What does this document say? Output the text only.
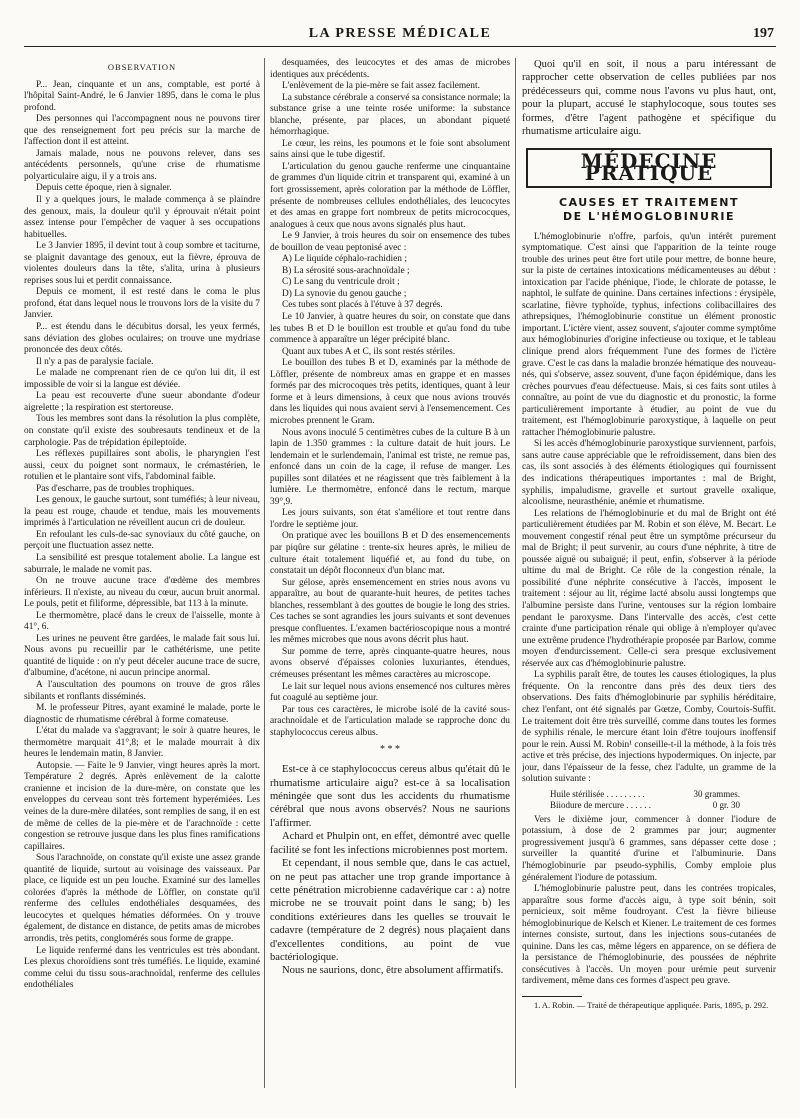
LA PRESSE MÉDICALE	197
OBSERVATION

P... Jean, cinquante et un ans, comptable, est porté à l'hôpital Saint-André, le 6 Janvier 1895, dans le coma le plus profond.

Des personnes qui l'accompagnent nous ne pouvons tirer que des renseignement fort peu précis sur la marche de l'affection dont il est atteint.

Jamais malade, nous ne pouvons relever, dans ses antécédents personnels, qu'une crise de rhumatisme polyarticulaire aigu, il y a trois ans.

Depuis cette époque, rien à signaler.

Il y a quelques jours, le malade commença à se plaindre des genoux, mais, la douleur qu'il y éprouvait n'était point assez intense pour l'empêcher de vaquer à ses occupations habituelles.

Le 3 Janvier 1895, il devint tout à coup sombre et taciturne, se plaignit davantage des genoux, eut la fièvre, éprouva de violentes douleurs dans la tête, s'alita, urina à plusieurs reprises sous lui et perdit connaissance.

Depuis ce moment, il est resté dans le coma le plus profond, état dans lequel nous le trouvons lors de la visite du 7 Janvier.

P... est étendu dans le décubitus dorsal, les yeux fermés, sans déviation des globes oculaires; on trouve une mydriase prononcée des deux côtés.

Il n'y a pas de paralysie faciale.

Le malade ne comprenant rien de ce qu'on lui dit, il est impossible de voir si la langue est déviée.

La peau est recouverte d'une sueur abondante d'odeur aigrelette ; la respiration est stertoreuse.

Tous les membres sont dans la résolution la plus complète, on constate qu'il existe des soubresauts tendineux et de la carphologie. Pas de trépidation épileptoïde.

Les réflexes pupillaires sont abolis, le pharyngien l'est aussi, ceux du poignet sont normaux, le crémastérien, le rotulien et le plantaire sont vifs, l'abdominal faible.

Pas d'escharre, pas de troubles trophiques.

Les genoux, le gauche surtout, sont tuméfiés; à leur niveau, la peau est rouge, chaude et tendue, mais les mouvements imprimés à l'articulation ne réveillent aucun cri de douleur.

En refoulant les culs-de-sac synoviaux du côté gauche, on perçoit une fluctuation assez nette.

La sensibilité est presque totalement abolie. La langue est saburrale, le malade ne vomit pas.

On ne trouve aucune trace d'œdème des membres inférieurs. Il n'existe, au niveau du cœur, aucun bruit anormal. Le pouls, petit et filiforme, dépressible, bat 113 à la minute.

Le thermomètre, placé dans le creux de l'aisselle, monte à 41°, 6.

Les urines ne peuvent être gardées, le malade fait sous lui. Nous avons pu recueillir par le cathétérisme, une petite quantité de liquide : on n'y peut déceler aucune trace de sucre, d'albumine, d'acétone, ni aucun principe anormal.

A l'auscultation des poumons on trouve de gros râles sibilants et ronflants disséminés.

M. le professeur Pitres, ayant examiné le malade, porte le diagnostic de rhumatisme cérébral à forme comateuse.

L'état du malade va s'aggravant; le soir à quatre heures, le thermomètre marquait 41°,8; et le malade mourrait à dix heures le lendemain matin, 8 Janvier.

Autopsie. — Faite le 9 Janvier, vingt heures après la mort. Température 2 degrés. Après enlèvement de la calotte cranienne et incision de la dure-mère, on constate que les enveloppes du cerveau sont très fortement hyperémiées. Les veines de la dure-mère dilatées, sont remplies de sang, il en est de même de celles de la pie-mère et de l'arachnoïde : cette congestion se retrouve jusque dans les plus fines ramifications capillaires.

Sous l'arachnoïde, on constate qu'il existe une assez grande quantité de liquide, surtout au voisinage des vaisseaux. Par place, ce liquide est un peu louche. Examiné sur des lamelles colorées d'après la méthode de Löffler, on constate qu'il renferme des cellules endothéliales desquamées, des leucocytes et quelques hématies déformées. On y trouve également, de distance en distance, de petits amas de microbes arrondis, très petits, conglomérés sous forme de grappe.

Le liquide renfermé dans les ventricules est très abondant. Les plexus choroïdiens sont très tuméfiés. Le liquide, examiné comme celui du tissu sous-arachnoïdal, renferme des cellules endothéliales

desquamées, des leucocytes et des amas de microbes identiques aux précédents.

L'enlèvement de la pie-mère se fait assez facilement.

La substance cérébrale a conservé sa consistance normale; la substance grise a une teinte rosée uniforme: la substance blanche, présente, par places, un abondant piqueté hémorrhagique.

Le cœur, les reins, les poumons et le foie sont absolument sains ainsi que le tube digestif.

L'articulation du genou gauche renferme une cinquantaine de grammes d'un liquide citrin et transparent qui, examiné à un fort grossissement, après coloration par la méthode de Löffler, présente de nombreuses cellules endothéliales, des leucocytes et des amas en grappe fort nombreux de petits micrococques, analogues à ceux que nous avons signalés plus haut.

Le 9 Janvier, à trois heures du soir on ensemence des tubes de bouillon de veau peptonisé avec :

A) Le liquide céphalo-rachidien ;

B) La sérosité sous-arachnoïdale ;

C) Le sang du ventricule droit ;

D) La synovie du genou gauche ;

Ces tubes sont placés à l'étuve à 37 degrés.

Le 10 Janvier, à quatre heures du soir, on constate que dans les tubes B et D le bouillon est trouble et qu'au fond du tube commence à apparaître un léger précipité blanc.

Quant aux tubes A et C, ils sont restés stériles.

Le bouillon des tubes B et D, examinés par la méthode de Löffler, présente de nombreux amas en grappe et en masses formés par des microcoques très petits, identiques, quant à leur forme et à leurs dimensions, à ceux que nous avions trouvés dans les liquides qui nous avaient servi à l'ensemencement. Ces microbes prennent le Gram.

Nous avons inoculé 5 centimètres cubes de la culture B à un lapin de 1.350 grammes : la culture datait de huit jours. Le lendemain et le surlendemain, l'animal est triste, ne remue pas, enfoncé dans un coin de la cage, il refuse de manger. Les pupilles sont dilatées et ne réagissent que très faiblement à la lumière. Le thermomètre, enfoncé dans le rectum, marque 39°,9.

Les jours suivants, son état s'améliore et tout rentre dans l'ordre le septième jour.

On pratique avec les bouillons B et D des ensemencements par piqûre sur gélatine : trente-six heures après, le milieu de culture était totalement liquéfié et, au fond du tube, on constatait un dépôt floconneux d'un blanc mat.

Sur gélose, après ensemencement en stries nous avons vu apparaître, au bout de quarante-huit heures, de petites taches blanches, ressemblant à des gouttes de bougie le long des stries. Ces taches se sont agrandies les jours suivants et sont devenues presque confluentes. L'examen bactérioscopique nous a montré les mêmes microbes que nous avons décrit plus haut.

Sur pomme de terre, après cinquante-quatre heures, nous avons observé d'épaisses colonies luxuriantes, étendues, crémeuses présentant les mêmes caractères au microscope.

Le lait sur lequel nous avions ensemencé nos cultures mères fut coagulé au septième jour.

Par tous ces caractères, le microbe isolé de la cavité sous-arachnoïdale et de l'articulation malade se rapproche donc du staphylococcus cereus albus.

* * *

Est-ce à ce staphylococcus cereus albus qu'était dû le rhumatisme articulaire aigu? est-ce à sa localisation méningée que sont dus les accidents du rhumatisme cérébral que nous avons observés? Nous ne saurions l'affirmer.

Achard et Phulpin ont, en effet, démontré avec quelle facilité se font les infections microbiennes post mortem.

Et cependant, il nous semble que, dans le cas actuel, on ne peut pas attacher une trop grande importance à cette pénétration microbienne cadavérique car : a) notre microbe ne se trouvait point dans le sang; b) les conditions extérieures dans les quelles se trouvait le cadavre (température de 2 degrés) nous plaçaient dans d'excellentes conditions, au point de vue bactériologique.

Nous ne saurions, donc, être absolument affirmatifs.

Quoi qu'il en soit, il nous a paru intéressant de rapprocher cette observation de celles publiées par nos prédécesseurs qui, comme nous l'avons vu plus haut, ont, pour la plupart, accusé le staphylocoque, sous toutes ses formes, d'être l'agent pathogène et spécifique du rhumatisme articulaire aigu.

MÉDECINE PRATIQUE
CAUSES ET TRAITEMENT
DE L'HÉMOGLOBINURIE

L'hémoglobinurie n'offre, parfois, qu'un intérêt purement symptomatique. C'est ainsi que l'apparition de la teinte rouge trouble des urines peut être fort utile pour mettre, de bonne heure, sur la piste de certaines intoxications médicamenteuses au début : intoxication par l'acide phénique, l'iode, le chlorate de potasse, le naphtol, le sulfate de quinine. Dans certaines infections : érysipèle, scarlatine, fièvre typhoïde, typhus, infections colibacillaires des athrepsiques, l'hémoglobinurie constitue un élément pronostic important. L'ictère vient, assez souvent, s'ajouter comme symptôme aux hémoglobinuries d'origine infectieuse ou toxique, et le tableau clinique prend alors fréquemment l'une des formes de l'ictère grave. C'est le cas dans la maladie bronzée hématique des nouveau-nés, qui s'observe, assez souvent, d'une façon épidémique, dans les crèches pourvues d'eau défectueuse. Mais, si ces faits sont utiles à connaître, au point de vue du diagnostic et du pronostic, la forme particulièrement importante à étudier, au point de vue du traitement, est l'hémoglobinurie paroxystique, à laquelle on peut rattacher l'hémoglobinurie palustre.

Si les accès d'hémoglobinurie paroxystique surviennent, parfois, sans autre cause appréciable que le refroidissement, dans bien des cas, ils sont associés à des éléments étiologiques qui fournissent des indications thérapeutiques importantes : mal de Bright, syphilis, impaludisme, gravelle et surtout gravelle oxalique, alcoolisme, neurasthénie, anémie et rhumatisme.

Les relations de l'hémoglobinurie et du mal de Bright ont été particulièrement étudiées par M. Robin et son élève, M. Becart. Le mouvement congestif rénal peut être un symptôme précurseur du mal de Bright; il peut survenir, au cours d'une néphrite, à titre de poussée aiguë ou subaiguë; il peut, enfin, s'observer à la période ultime du mal de Bright. Ce rôle de la congestion rénale, la possibilité d'une néphrite consécutive à l'accès, imposent le traitement : séjour au lit, régime lacté absolu aussi longtemps que l'albumine persiste dans l'urine, ventouses sur la région lombaire pendant le paroxysme. Dans l'intervalle des accès, c'est cette crainte d'une participation rénale qui oblige à n'employer qu'avec une extrême prudence l'hydrothérapie proposée par Barlow, comme moyen d'endurcissement. Celle-ci sera presque exclusivement réservée aux cas d'hémoglobinurie palustre.

La syphilis paraît être, de toutes les causes étiologiques, la plus fréquente. On la rencontre dans près des deux tiers des observations. Des faits d'hémoglobinurie par syphilis héréditaire, chez l'enfant, ont été signalés par Gœtze, Comby, Courtois-Suffit. Le traitement doit être très surveillé, comme dans toutes les formes de syphilis rénale, le mercure étant loin d'être toujours inoffensif pour le rein. Aussi M. Robin¹ conseille-t-il la méthode, à la fois très active et très précise, des injections hypodermiques. On injecte, par jour, dans l'épaisseur de la fesse, chez l'adulte, un gramme de la solution suivante :

Huile stérilisée . . . . . . . . .	30 grammes.
Biiodure de mercure . . . . . .	0 gr. 30

Vers le dixième jour, commencer à donner l'iodure de potassium, à dose de 2 grammes par jour; augmenter progressivement jusqu'à 6 grammes, sans dépasser cette dose ; surveiller la quantité d'urine et l'albuminurie. Dans l'hémoglobinurie par pseudo-syphilis, Comby emploie plus généralement l'iodure de potassium.

L'hémoglobinurie palustre peut, dans les contrées tropicales, apparaître sous forme d'accès aigu, à type soit bénin, soit pernicieux, soit même foudroyant. C'est la fièvre bilieuse hémoglobinurique de Kelsch et Kiener. Le traitement de ces formes internes consiste, surtout, dans les injections sous-cutanées de quinine. Dans les cas, même légers en apparence, on se défiera de la persistance de l'hémoglobinurie, des poussées de néphrite consécutives à l'accès. Un moyen pour urémie peut survenir tardivement, même dans ces formes d'aspect peu grave.

1. A. Robin. — Traité de thérapeutique appliquée. Paris, 1895, p. 292.
